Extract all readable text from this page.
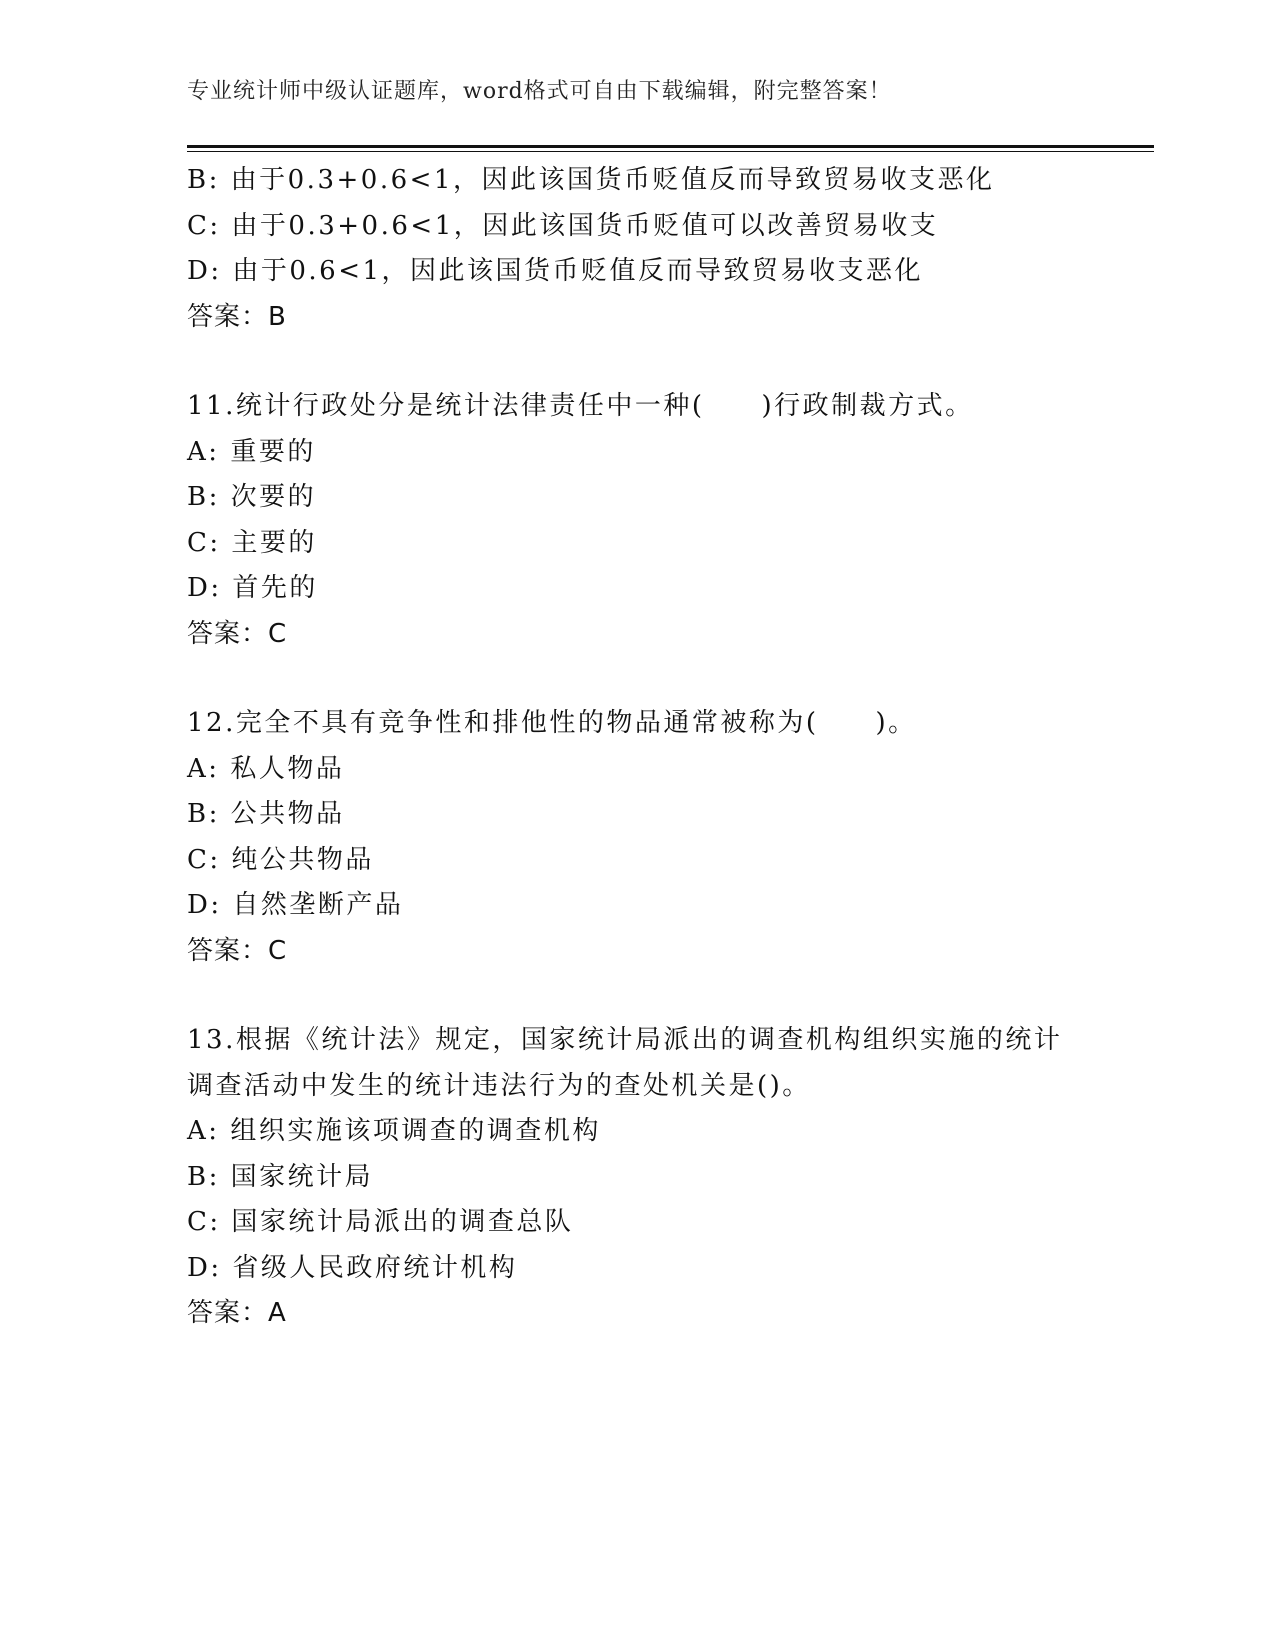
专业统计师中级认证题库，word格式可自由下载编辑，附完整答案！
B: 由于0.3+0.6<1，因此该国货币贬值反而导致贸易收支恶化
C: 由于0.3+0.6<1，因此该国货币贬值可以改善贸易收支
D: 由于0.6<1，因此该国货币贬值反而导致贸易收支恶化
答案：B
11.统计行政处分是统计法律责任中一种(　　)行政制裁方式。
A: 重要的
B: 次要的
C: 主要的
D: 首先的
答案：C
12.完全不具有竞争性和排他性的物品通常被称为(　　)。
A: 私人物品
B: 公共物品
C: 纯公共物品
D: 自然垄断产品
答案：C
13.根据《统计法》规定，国家统计局派出的调查机构组织实施的统计
调查活动中发生的统计违法行为的查处机关是()。
A: 组织实施该项调查的调查机构
B: 国家统计局
C: 国家统计局派出的调查总队
D: 省级人民政府统计机构
答案：A
